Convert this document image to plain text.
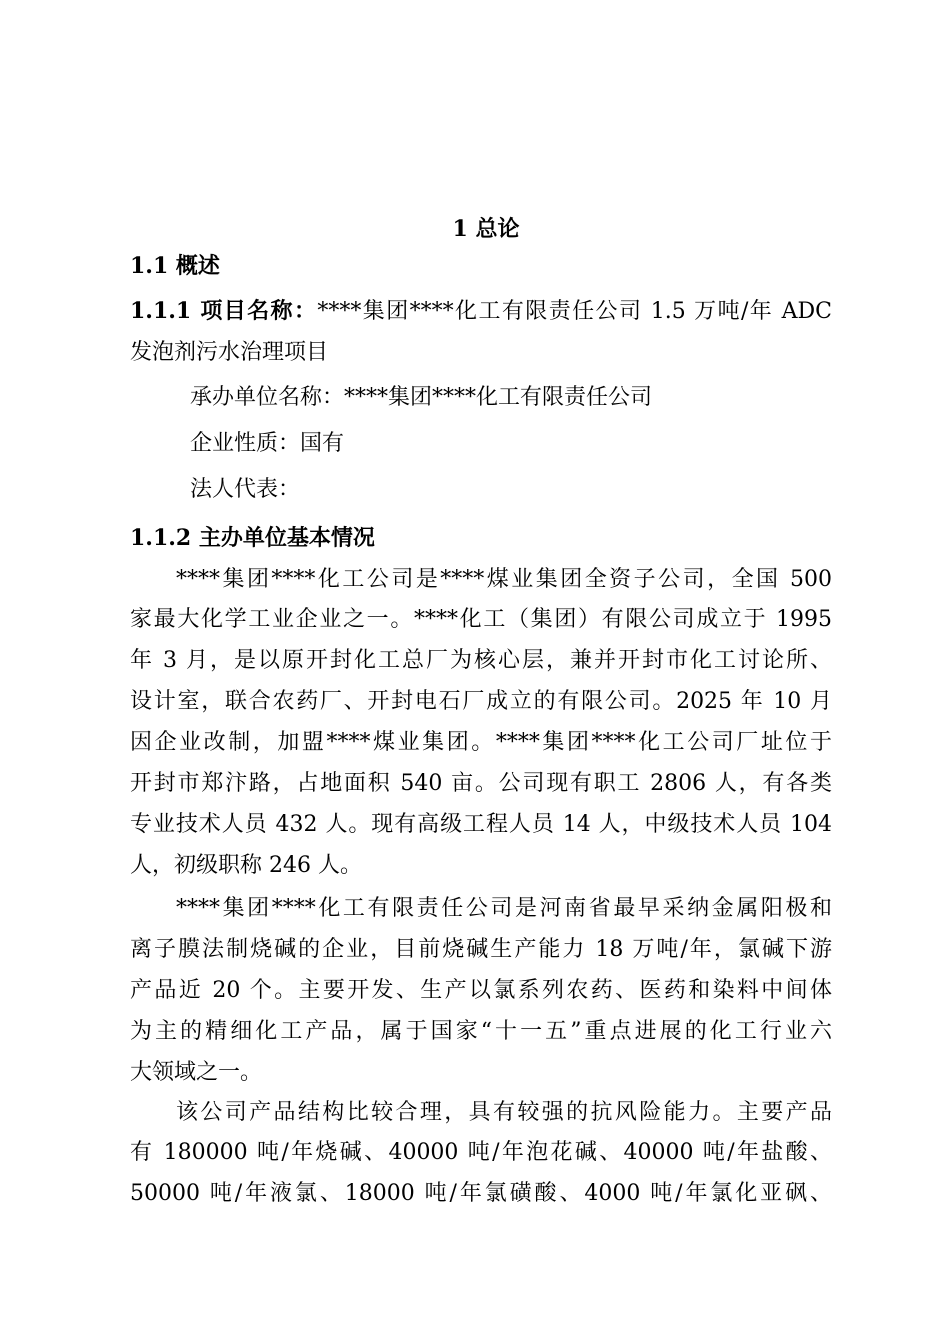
1 总论
1.1 概述
1.1.1 项目名称：****集团****化工有限责任公司 1.5 万吨/年 ADC
发泡剂污水治理项目
承办单位名称：****集团****化工有限责任公司
企业性质：国有
法人代表：
1.1.2 主办单位基本情况
****集团****化工公司是****煤业集团全资子公司，全国 500
家最大化学工业企业之一。****化工（集团）有限公司成立于 1995
年 3 月，是以原开封化工总厂为核心层，兼并开封市化工讨论所、
设计室，联合农药厂、开封电石厂成立的有限公司。2025 年 10 月
因企业改制，加盟****煤业集团。****集团****化工公司厂址位于
开封市郑汴路，占地面积 540 亩。公司现有职工 2806 人，有各类
专业技术人员 432 人。现有高级工程人员 14 人，中级技术人员 104
人，初级职称 246 人。
****集团****化工有限责任公司是河南省最早采纳金属阳极和
离子膜法制烧碱的企业，目前烧碱生产能力 18 万吨/年，氯碱下游
产品近 20 个。主要开发、生产以氯系列农药、医药和染料中间体
为主的精细化工产品，属于国家“十一五”重点进展的化工行业六
大领域之一。
该公司产品结构比较合理，具有较强的抗风险能力。主要产品
有 180000 吨/年烧碱、40000 吨/年泡花碱、40000 吨/年盐酸、
50000 吨/年液氯、18000 吨/年氯磺酸、4000 吨/年氯化亚砜、
